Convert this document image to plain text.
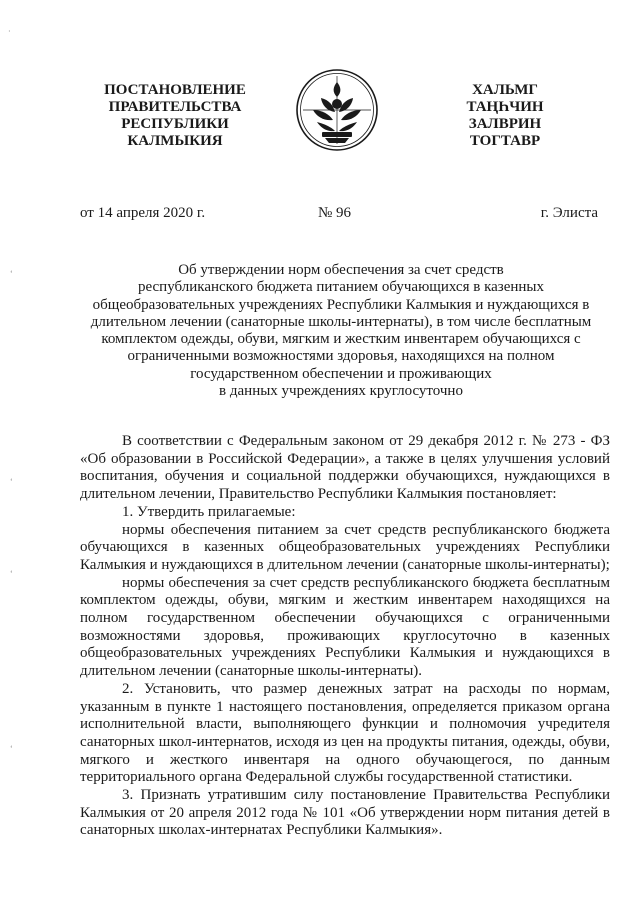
ПОСТАНОВЛЕНИЕ
ПРАВИТЕЛЬСТВА
РЕСПУБЛИКИ
КАЛМЫКИЯ
ХАЛЬМГ
ТАҢҺЧИН
ЗАЛВРИН
ТОГТАВР
от 14 апреля 2020 г.	№ 96	г. Элиста
Об утверждении норм обеспечения за счет средств
республиканского бюджета питанием обучающихся в казенных
общеобразовательных учреждениях Республики Калмыкия и нуждающихся в
длительном лечении (санаторные школы-интернаты), в том числе бесплатным
комплектом одежды, обуви, мягким и жестким инвентарем обучающихся с
ограниченными возможностями здоровья, находящихся на полном
государственном обеспечении и проживающих
в данных учреждениях круглосуточно

В соответствии с Федеральным законом от 29 декабря 2012 г. № 273 - ФЗ «Об образовании в Российской Федерации», а также в целях улучшения условий воспитания, обучения и социальной поддержки обучающихся, нуждающихся в длительном лечении, Правительство Республики Калмыкия постановляет:

1. Утвердить прилагаемые:

нормы обеспечения питанием за счет средств республиканского бюджета обучающихся в казенных общеобразовательных учреждениях Республики Калмыкия и нуждающихся в длительном лечении (санаторные школы-интернаты);

нормы обеспечения за счет средств республиканского бюджета бесплатным комплектом одежды, обуви, мягким и жестким инвентарем находящихся на полном государственном обеспечении обучающихся с ограниченными возможностями здоровья, проживающих круглосуточно в казенных общеобразовательных учреждениях Республики Калмыкия и нуждающихся в длительном лечении (санаторные школы-интернаты).

2. Установить, что размер денежных затрат на расходы по нормам, указанным в пункте 1 настоящего постановления, определяется приказом органа исполнительной власти, выполняющего функции и полномочия учредителя санаторных школ-интернатов, исходя из цен на продукты питания, одежды, обуви, мягкого и жесткого инвентаря на одного обучающегося, по данным территориального органа Федеральной службы государственной статистики.

3. Признать утратившим силу постановление Правительства Республики Калмыкия от 20 апреля 2012 года № 101 «Об утверждении норм питания детей в санаторных школах-интернатах Республики Калмыкия».

·
ʻ
ʻ
ʻ
ʻ
